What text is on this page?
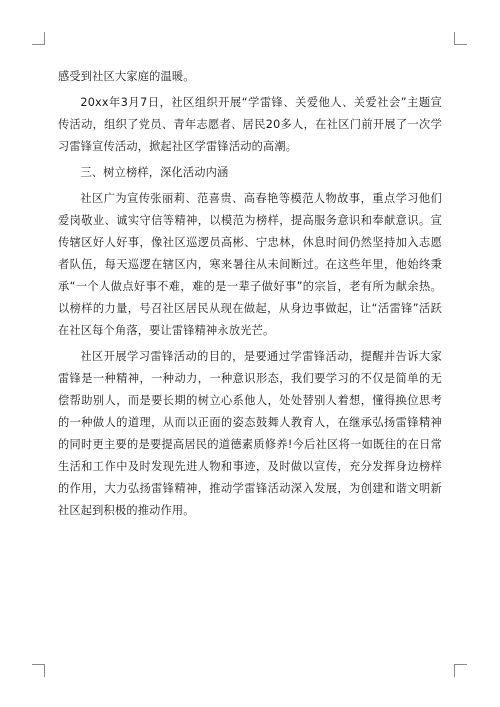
感受到社区大家庭的温暖。

20xx年3月7日，社区组织开展“学雷锋、关爱他人、关爱社会”主题宣传活动，组织了党员、青年志愿者、居民20多人，在社区门前开展了一次学习雷锋宣传活动，掀起社区学雷锋活动的高潮。

三、树立榜样，深化活动内涵

社区广为宣传张丽莉、范喜贵、高春艳等模范人物故事，重点学习他们爱岗敬业、诚实守信等精神，以模范为榜样，提高服务意识和奉献意识。宣传辖区好人好事，像社区巡逻员高彬、宁忠林，休息时间仍然坚持加入志愿者队伍，每天巡逻在辖区内，寒来暑往从未间断过。在这些年里，他始终秉承“一个人做点好事不难，难的是一辈子做好事”的宗旨，老有所为献余热。以榜样的力量，号召社区居民从现在做起，从身边事做起，让“活雷锋”活跃在社区每个角落，要让雷锋精神永放光芒。

社区开展学习雷锋活动的目的，是要通过学雷锋活动，提醒并告诉大家雷锋是一种精神，一种动力，一种意识形态，我们要学习的不仅是简单的无偿帮助别人，而是要长期的树立心系他人，处处替别人着想，懂得换位思考的一种做人的道理，从而以正面的姿态鼓舞人教育人，在继承弘扬雷锋精神的同时更主要的是要提高居民的道德素质修养!今后社区将一如既往的在日常生活和工作中及时发现先进人物和事迹，及时做以宣传，充分发挥身边榜样的作用，大力弘扬雷锋精神，推动学雷锋活动深入发展，为创建和谐文明新社区起到积极的推动作用。
